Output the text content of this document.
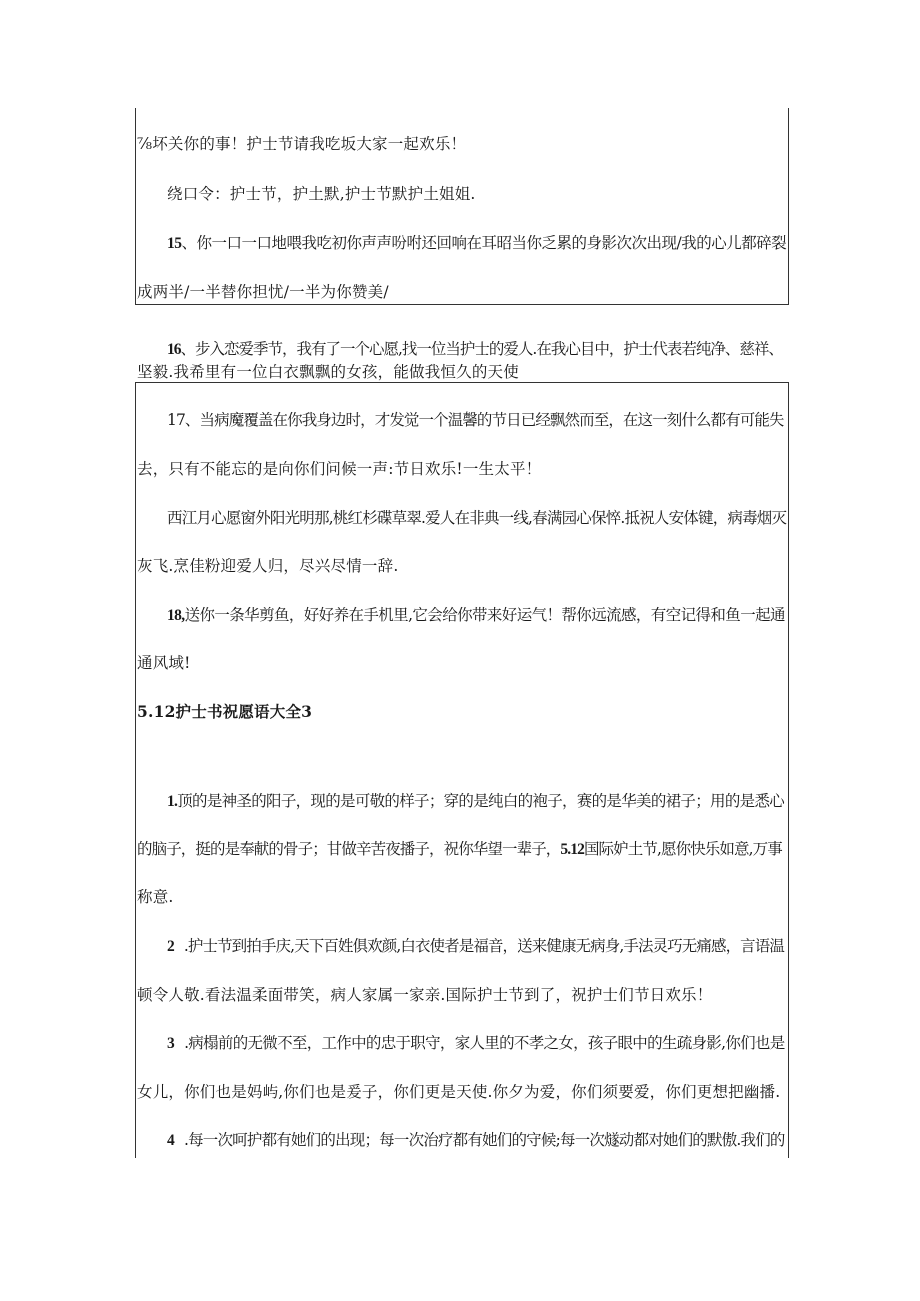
⅞坏关你的事！护士节请我吃坂大家一起欢乐！
绕口令：护士节，护土默,护士节默护土姐姐.
15、你一口一口地喂我吃初你声声吩咐还回响在耳昭当你乏累的身影次次出现/我的心儿都碎裂
成两半/一半替你担忧/一半为你赞美/
16、步入恋爱季节，我有了一个心愿,找一位当护士的爱人.在我心目中，护士代表若纯净、慈祥、
坚毅.我希里有一位白衣飘飘的女孩，能做我恒久的天使
17、当病魔覆盖在你我身边时，才发觉一个温馨的节日已经飘然而至，在这一刻什么都有可能失
去，只有不能忘的是向你们问候一声:节日欢乐!一生太平！
西江月心愿窗外阳光明那,桃红杉碟草翠.爱人在非典一线,春满园心保悴.抵祝人安体键，病毒烟灭
灰飞.烹佳粉迎爱人归，尽兴尽情一辞.
18,送你一条华剪鱼，好好养在手机里,它会给你带来好运气！帮你远流感，有空记得和鱼一起通
通风域!
5.12护士书祝愿语大全3
1.顶的是神圣的阳子，现的是可敬的样子；穿的是纯白的袍子，赛的是华美的裙子；用的是悉心
的脑子，挺的是奉献的骨子；甘做辛苦夜播子，祝你华望一辈子，5.12国际妒土节,愿你快乐如意,万事
称意.
2 .护士节到拍手庆,天下百姓俱欢颜,白衣使者是福音，送来健康无病身,手法灵巧无痛感，言语温
顿令人敬.看法温柔面带笑，病人家属一家亲.国际护士节到了，祝护士们节日欢乐！
3 .病榻前的无微不至，工作中的忠于职守，家人里的不孝之女，孩子眼中的生疏身影,你们也是
女儿，你们也是妈屿,你们也是爰子，你们更是天使.你夕为爱，你们须要爱，你们更想把幽播.
4 .每一次呵护都有她们的出现；每一次治疗都有她们的守候;每一次燧动都对她们的默傲.我们的
